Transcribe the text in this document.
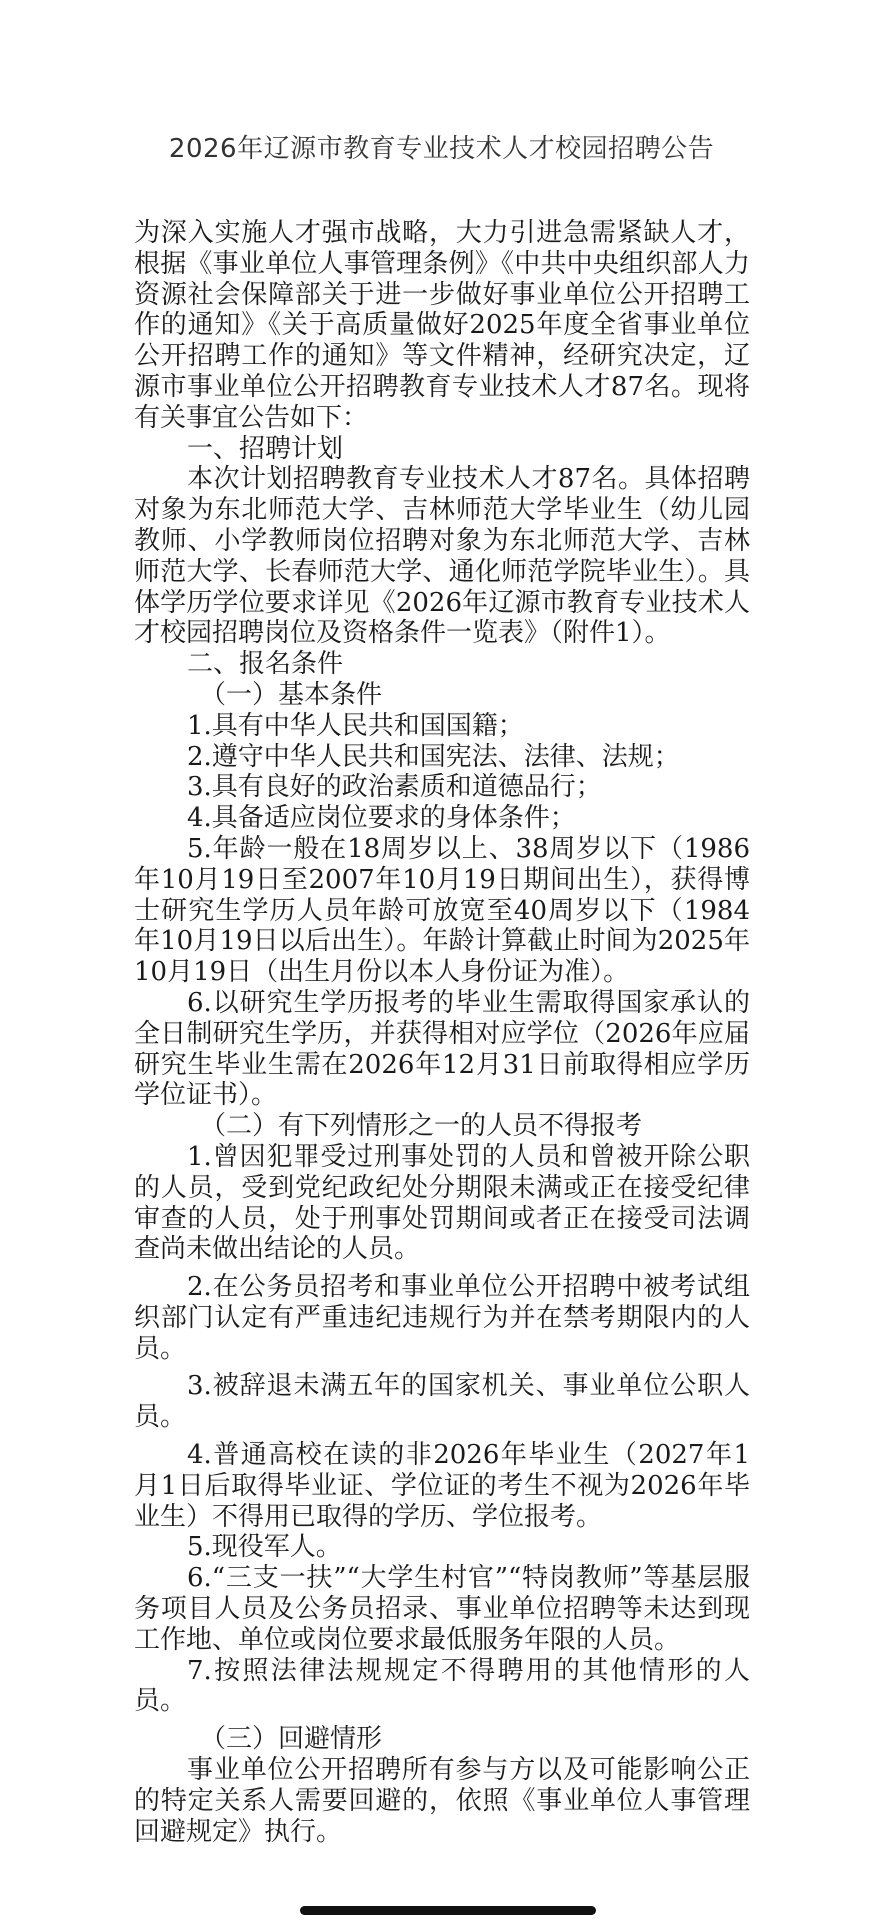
2026年辽源市教育专业技术人才校园招聘公告

为深入实施人才强市战略，大力引进急需紧缺人才，根据《事业单位人事管理条例》《中共中央组织部人力资源社会保障部关于进一步做好事业单位公开招聘工作的通知》《关于高质量做好2025年度全省事业单位公开招聘工作的通知》等文件精神，经研究决定，辽源市事业单位公开招聘教育专业技术人才87名。现将有关事宜公告如下：

一、招聘计划

本次计划招聘教育专业技术人才87名。具体招聘对象为东北师范大学、吉林师范大学毕业生（幼儿园教师、小学教师岗位招聘对象为东北师范大学、吉林师范大学、长春师范大学、通化师范学院毕业生）。具体学历学位要求详见《2026年辽源市教育专业技术人才校园招聘岗位及资格条件一览表》（附件1）。

二、报名条件

（一）基本条件

1.具有中华人民共和国国籍；

2.遵守中华人民共和国宪法、法律、法规；

3.具有良好的政治素质和道德品行；

4.具备适应岗位要求的身体条件；

5.年龄一般在18周岁以上、38周岁以下（1986年10月19日至2007年10月19日期间出生），获得博士研究生学历人员年龄可放宽至40周岁以下（1984年10月19日以后出生）。年龄计算截止时间为2025年10月19日（出生月份以本人身份证为准）。

6.以研究生学历报考的毕业生需取得国家承认的全日制研究生学历，并获得相对应学位（2026年应届研究生毕业生需在2026年12月31日前取得相应学历学位证书）。

（二）有下列情形之一的人员不得报考

1.曾因犯罪受过刑事处罚的人员和曾被开除公职的人员，受到党纪政纪处分期限未满或正在接受纪律审查的人员，处于刑事处罚期间或者正在接受司法调查尚未做出结论的人员。

2.在公务员招考和事业单位公开招聘中被考试组织部门认定有严重违纪违规行为并在禁考期限内的人员。

3.被辞退未满五年的国家机关、事业单位公职人员。

4.普通高校在读的非2026年毕业生（2027年1月1日后取得毕业证、学位证的考生不视为2026年毕业生）不得用已取得的学历、学位报考。

5.现役军人。

6.“三支一扶”“大学生村官”“特岗教师”等基层服务项目人员及公务员招录、事业单位招聘等未达到现工作地、单位或岗位要求最低服务年限的人员。

7.按照法律法规规定不得聘用的其他情形的人员。

（三）回避情形

事业单位公开招聘所有参与方以及可能影响公正的特定关系人需要回避的，依照《事业单位人事管理回避规定》执行。
